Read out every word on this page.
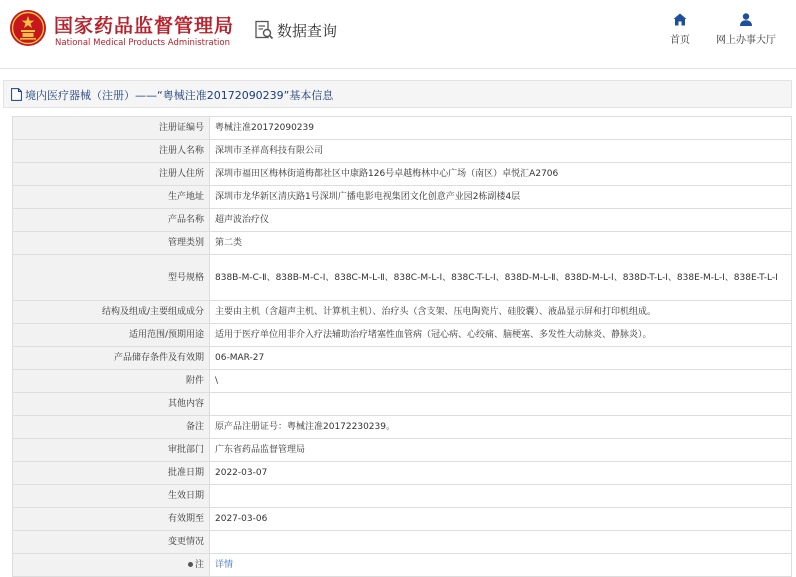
国家药品监督管理局
National Medical Products Administration
数据查询
首页	网上办事大厅
境内医疗器械（注册）——“粤械注准20172090239”基本信息
注册证编号	粤械注准20172090239
注册人名称	深圳市圣祥高科技有限公司
注册人住所	深圳市福田区梅林街道梅都社区中康路126号卓越梅林中心广场（南区）卓悦汇A2706
生产地址	深圳市龙华新区清庆路1号深圳广播电影电视集团文化创意产业园2栋副楼4层
产品名称	超声波治疗仪
管理类别	第二类
型号规格	838B-M-C-Ⅱ、838B-M-C-Ⅰ、838C-M-L-Ⅱ、838C-M-L-Ⅰ、838C-T-L-Ⅰ、838D-M-L-Ⅱ、838D-M-L-Ⅰ、838D-T-L-Ⅰ、838E-M-L-Ⅰ、838E-T-L-Ⅰ
结构及组成/主要组成成分	主要由主机（含超声主机、计算机主机）、治疗头（含支架、压电陶瓷片、硅胶囊）、液晶显示屏和打印机组成。
适用范围/预期用途	适用于医疗单位用非介入疗法辅助治疗堵塞性血管病（冠心病、心绞痛、脑梗塞、多发性大动脉炎、静脉炎）。
产品储存条件及有效期	06-MAR-27
附件	\
其他内容	
备注	原产品注册证号：粤械注准20172230239。
审批部门	广东省药品监督管理局
批准日期	2022-03-07
生效日期	
有效期至	2027-03-06
变更情况	
注	详情
